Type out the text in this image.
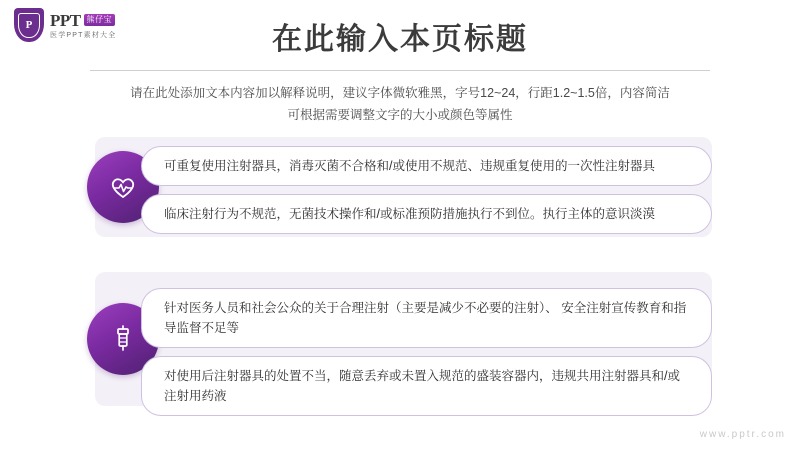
P	PPT 熊仔宝
医学PPT素材大全	在此输入本页标题
请在此处添加文本内容加以解释说明，建议字体微软雅黑，字号12~24，行距1.2~1.5倍，内容简洁
可根据需要调整文字的大小或颜色等属性
可重复使用注射器具，消毒灭菌不合格和/或使用不规范、违规重复使用的一次性注射器具
临床注射行为不规范，无菌技术操作和/或标准预防措施执行不到位。执行主体的意识淡漠
针对医务人员和社会公众的关于合理注射（主要是减少不必要的注射）、 安全注射宣传教育和指导监督不足等
对使用后注射器具的处置不当，随意丢弃或未置入规范的盛装容器内，违规共用注射器具和/或注射用药液
www.pptr.com
